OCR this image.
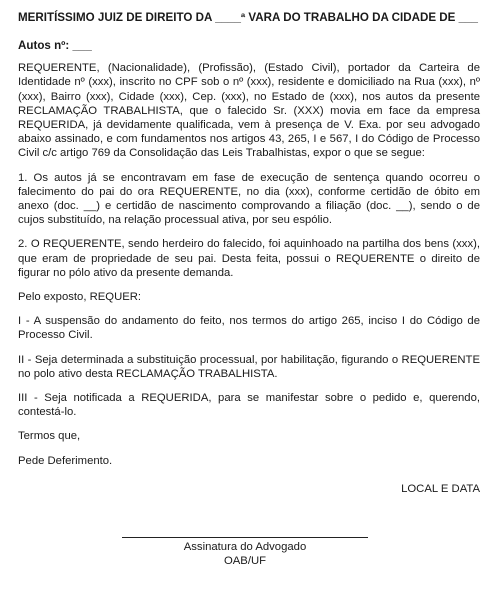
MERITÍSSIMO JUIZ DE DIREITO DA ____ª VARA DO TRABALHO DA CIDADE DE ___

Autos nº: ___

REQUERENTE, (Nacionalidade), (Profissão), (Estado Civil), portador da Carteira de Identidade nº (xxx), inscrito no CPF sob o nº (xxx), residente e domiciliado na Rua (xxx), nº (xxx), Bairro (xxx), Cidade (xxx), Cep. (xxx), no Estado de (xxx), nos autos da presente RECLAMAÇÃO TRABALHISTA, que o falecido Sr. (XXX) movia em face da empresa REQUERIDA, já devidamente qualificada, vem à presença de V. Exa. por seu advogado abaixo assinado, e com fundamentos nos artigos 43, 265, I e 567, I do Código de Processo Civil c/c artigo 769 da Consolidação das Leis Trabalhistas, expor o que se segue:

1. Os autos já se encontravam em fase de execução de sentença quando ocorreu o falecimento do pai do ora REQUERENTE, no dia (xxx), conforme certidão de óbito em anexo (doc. __) e certidão de nascimento comprovando a filiação (doc. __), sendo o de cujos substituído, na relação processual ativa, por seu espólio.

2. O REQUERENTE, sendo herdeiro do falecido, foi aquinhoado na partilha dos bens (xxx), que eram de propriedade de seu pai. Desta feita, possui o REQUERENTE o direito de figurar no pólo ativo da presente demanda.

Pelo exposto, REQUER:

I - A suspensão do andamento do feito, nos termos do artigo 265, inciso I do Código de Processo Civil.

II - Seja determinada a substituição processual, por habilitação, figurando o REQUERENTE no polo ativo desta RECLAMAÇÃO TRABALHISTA.

III - Seja notificada a REQUERIDA, para se manifestar sobre o pedido e, querendo, contestá-lo.

Termos que,

Pede Deferimento.

LOCAL E DATA

Assinatura do Advogado
OAB/UF
